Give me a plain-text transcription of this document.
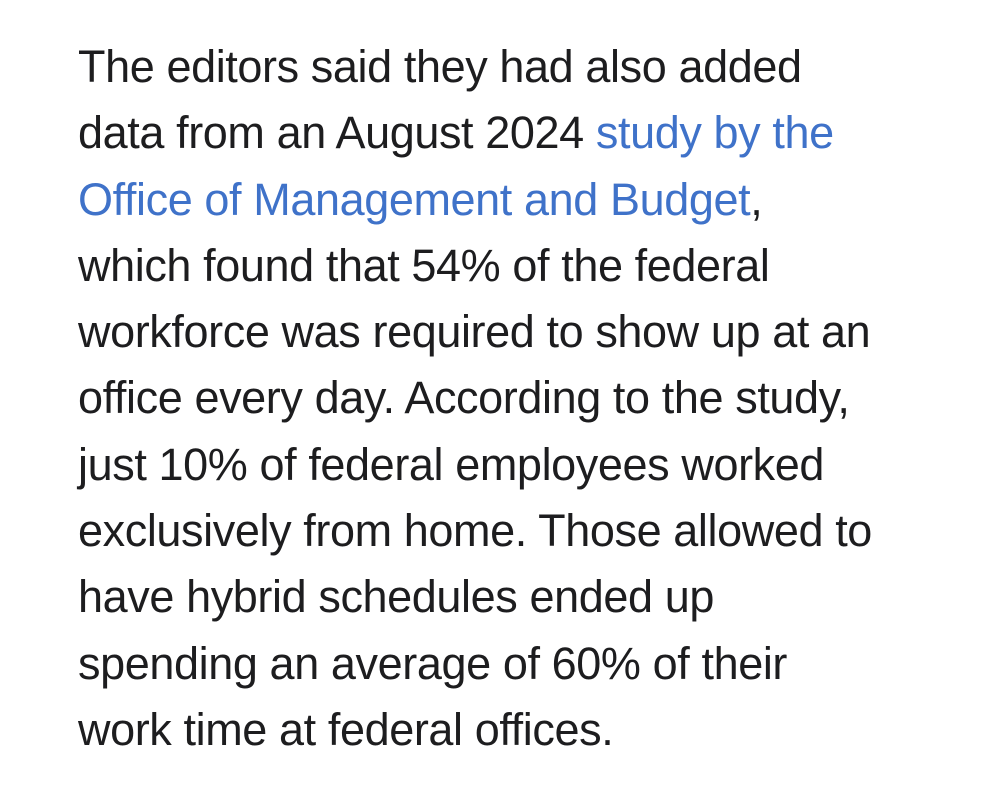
The editors said they had also added
data from an August 2024 study by the
Office of Management and Budget,
which found that 54% of the federal
workforce was required to show up at an
office every day. According to the study,
just 10% of federal employees worked
exclusively from home. Those allowed to
have hybrid schedules ended up
spending an average of 60% of their
work time at federal offices.
